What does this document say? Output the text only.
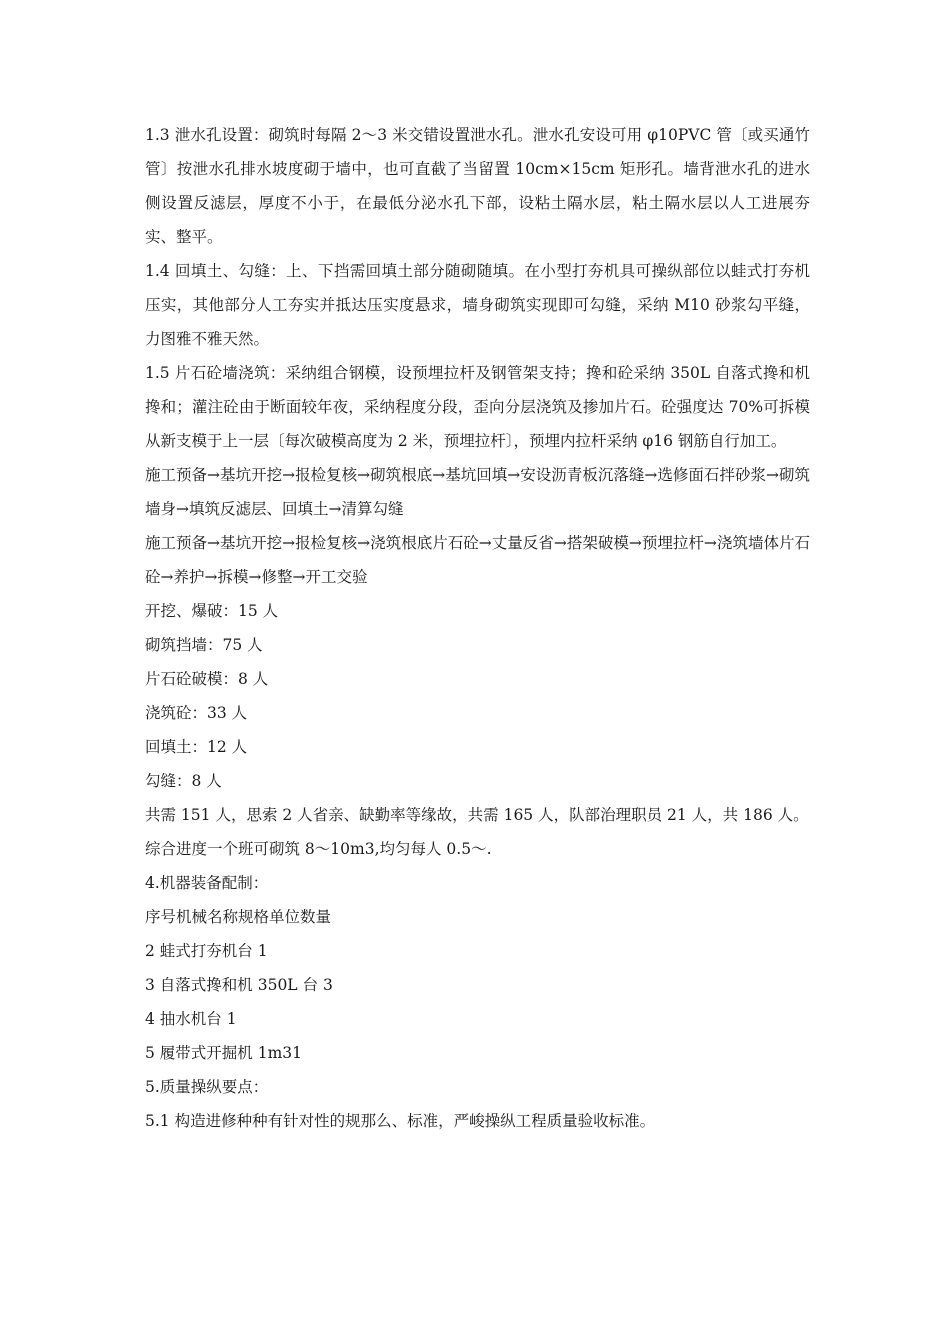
1.3 泄水孔设置：砌筑时每隔 2～3 米交错设置泄水孔。泄水孔安设可用 φ10PVC 管〔或买通竹管〕按泄水孔排水坡度砌于墙中，也可直截了当留置 10cm×15cm 矩形孔。墙背泄水孔的进水侧设置反滤层，厚度不小于，在最低分泌水孔下部，设粘土隔水层，粘土隔水层以人工进展夯实、整平。

1.4 回填土、勾缝：上、下挡需回填土部分随砌随填。在小型打夯机具可操纵部位以蛙式打夯机压实，其他部分人工夯实并抵达压实度悬求，墙身砌筑实现即可勾缝，采纳 M10 砂浆勾平缝，力图雅不雅天然。

1.5 片石砼墙浇筑：采纳组合钢模，设预埋拉杆及钢管架支持；搀和砼采纳 350L 自落式搀和机搀和；灌注砼由于断面较年夜，采纳程度分段，歪向分层浇筑及掺加片石。砼强度达 70%可拆模从新支模于上一层〔每次破模高度为 2 米，预埋拉杆〕，预埋内拉杆采纳 φ16 钢筋自行加工。

施工预备→基坑开挖→报检复核→砌筑根底→基坑回填→安设沥青板沉落缝→选修面石拌砂浆→砌筑墙身→填筑反滤层、回填土→清算勾缝

施工预备→基坑开挖→报检复核→浇筑根底片石砼→丈量反省→搭架破模→预埋拉杆→浇筑墙体片石砼→养护→拆模→修整→开工交验

开挖、爆破：15 人

砌筑挡墙：75 人

片石砼破模：8 人

浇筑砼：33 人

回填土：12 人

勾缝：8 人

共需 151 人，思索 2 人省亲、缺勤率等缘故，共需 165 人，队部治理职员 21 人，共 186 人。

综合进度一个班可砌筑 8～10m3,均匀每人 0.5～.

4.机器装备配制：

序号机械名称规格单位数量

2 蛙式打夯机台 1

3 自落式搀和机 350L 台 3

4 抽水机台 1

5 履带式开掘机 1m31

5.质量操纵要点：

5.1 构造进修种种有针对性的规那么、标准，严峻操纵工程质量验收标准。
